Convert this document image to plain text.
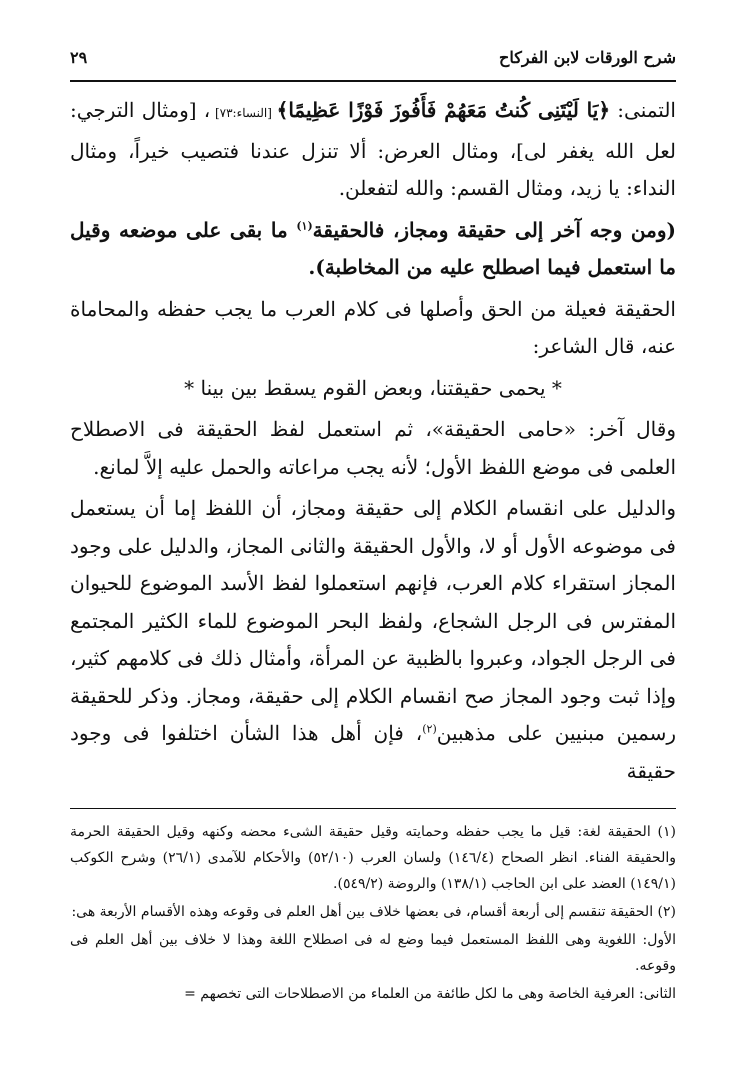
شرح الورقات لابن الفركاح
٢٩

التمنى: ﴿يَا لَيْتَنِى كُنتُ مَعَهُمْ فَأَفُوزَ فَوْزًا عَظِيمًا﴾ [النساء:٧٣] ، [ومثال الترجي: لعل الله يغفر لى]، ومثال العرض: ألا تنزل عندنا فتصيب خيراً، ومثال النداء: يا زيد، ومثال القسم: والله لتفعلن.

(ومن وجه آخر إلى حقيقة ومجاز، فالحقيقة$^{(١)}$ ما بقى على موضعه وقيل ما استعمل فيما اصطلح عليه من المخاطبة).

الحقيقة فعيلة من الحق وأصلها فى كلام العرب ما يجب حفظه والمحاماة عنه، قال الشاعر:

* يحمى حقيقتنا، وبعض القوم يسقط بين بينا *

وقال آخر: «حامى الحقيقة»، ثم استعمل لفظ الحقيقة فى الاصطلاح العلمى فى موضع اللفظ الأول؛ لأنه يجب مراعاته والحمل عليه إلاَّ لمانع.

والدليل على انقسام الكلام إلى حقيقة ومجاز، أن اللفظ إما أن يستعمل فى موضوعه الأول أو لا، والأول الحقيقة والثانى المجاز، والدليل على وجود المجاز استقراء كلام العرب، فإنهم استعملوا لفظ الأسد الموضوع للحيوان المفترس فى الرجل الشجاع، ولفظ البحر الموضوع للماء الكثير المجتمع فى الرجل الجواد، وعبروا بالظبية عن المرأة، وأمثال ذلك فى كلامهم كثير، وإذا ثبت وجود المجاز صح انقسام الكلام إلى حقيقة، ومجاز. وذكر للحقيقة رسمين مبنيين على مذهبين$^{(٢)}$، فإن أهل هذا الشأن اختلفوا فى وجود حقيقة

(١) الحقيقة لغة: قيل ما يجب حفظه وحمايته وقيل حقيقة الشىء محضه وكنهه وقيل الحقيقة الحرمة والحقيقة الفناء. انظر الصحاح (١٤٦/٤) ولسان العرب (٥٢/١٠) والأحكام للآمدى (٢٦/١) وشرح الكوكب (١٤٩/١) العضد على ابن الحاجب (١٣٨/١) والروضة (٥٤٩/٢).

(٢) الحقيقة تنقسم إلى أربعة أقسام، فى بعضها خلاف بين أهل العلم فى وقوعه وهذه الأقسام الأربعة هى:

الأول: اللغوية وهى اللفظ المستعمل فيما وضع له فى اصطلاح اللغة وهذا لا خلاف بين أهل العلم فى وقوعه.

الثانى: العرفية الخاصة وهى ما لكل طائفة من العلماء من الاصطلاحات التى تخصهم =
